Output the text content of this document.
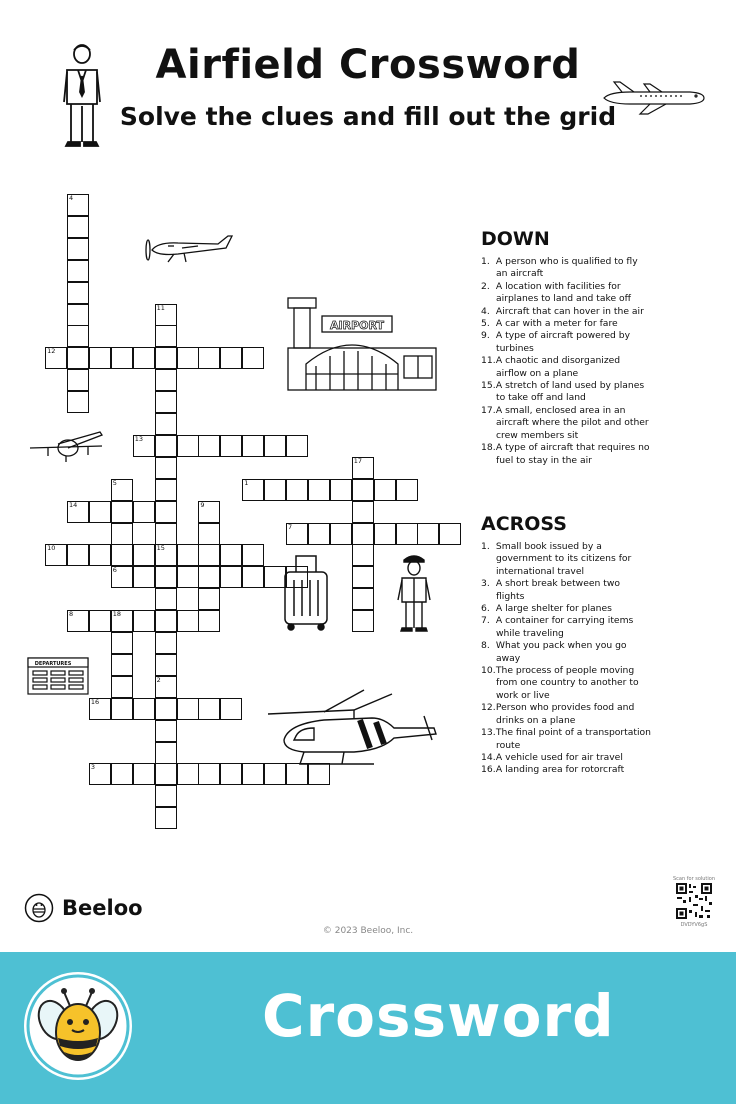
Airfield Crossword
Solve the clues and fill out the grid
12
13
1
14
7
10	15
6
8	18
16
3
4
11
5
9
17
2
AIRPORT
DEPARTURES
DOWN
1. A person who is qualified to fly an aircraft
2. A location with facilities for airplanes to land and take off
4. Aircraft that can hover in the air
5. A car with a meter for fare
9. A type of aircraft powered by turbines
11. A chaotic and disorganized airflow on a plane
15. A stretch of land used by planes to take off and land
17. A small, enclosed area in an aircraft where the pilot and other crew members sit
18. A type of aircraft that requires no fuel to stay in the air
ACROSS
1. Small book issued by a government to its citizens for international travel
3. A short break between two flights
6. A large shelter for planes
7. A container for carrying items while traveling
8. What you pack when you go away
10. The process of people moving from one country to another to work or live
12. Person who provides food and drinks on a plane
13. The final point of a transportation route
14. A vehicle used for air travel
16. A landing area for rotorcraft
Beeloo
© 2023 Beeloo, Inc.
Scan for solution
DVDYV6gS
Crossword
